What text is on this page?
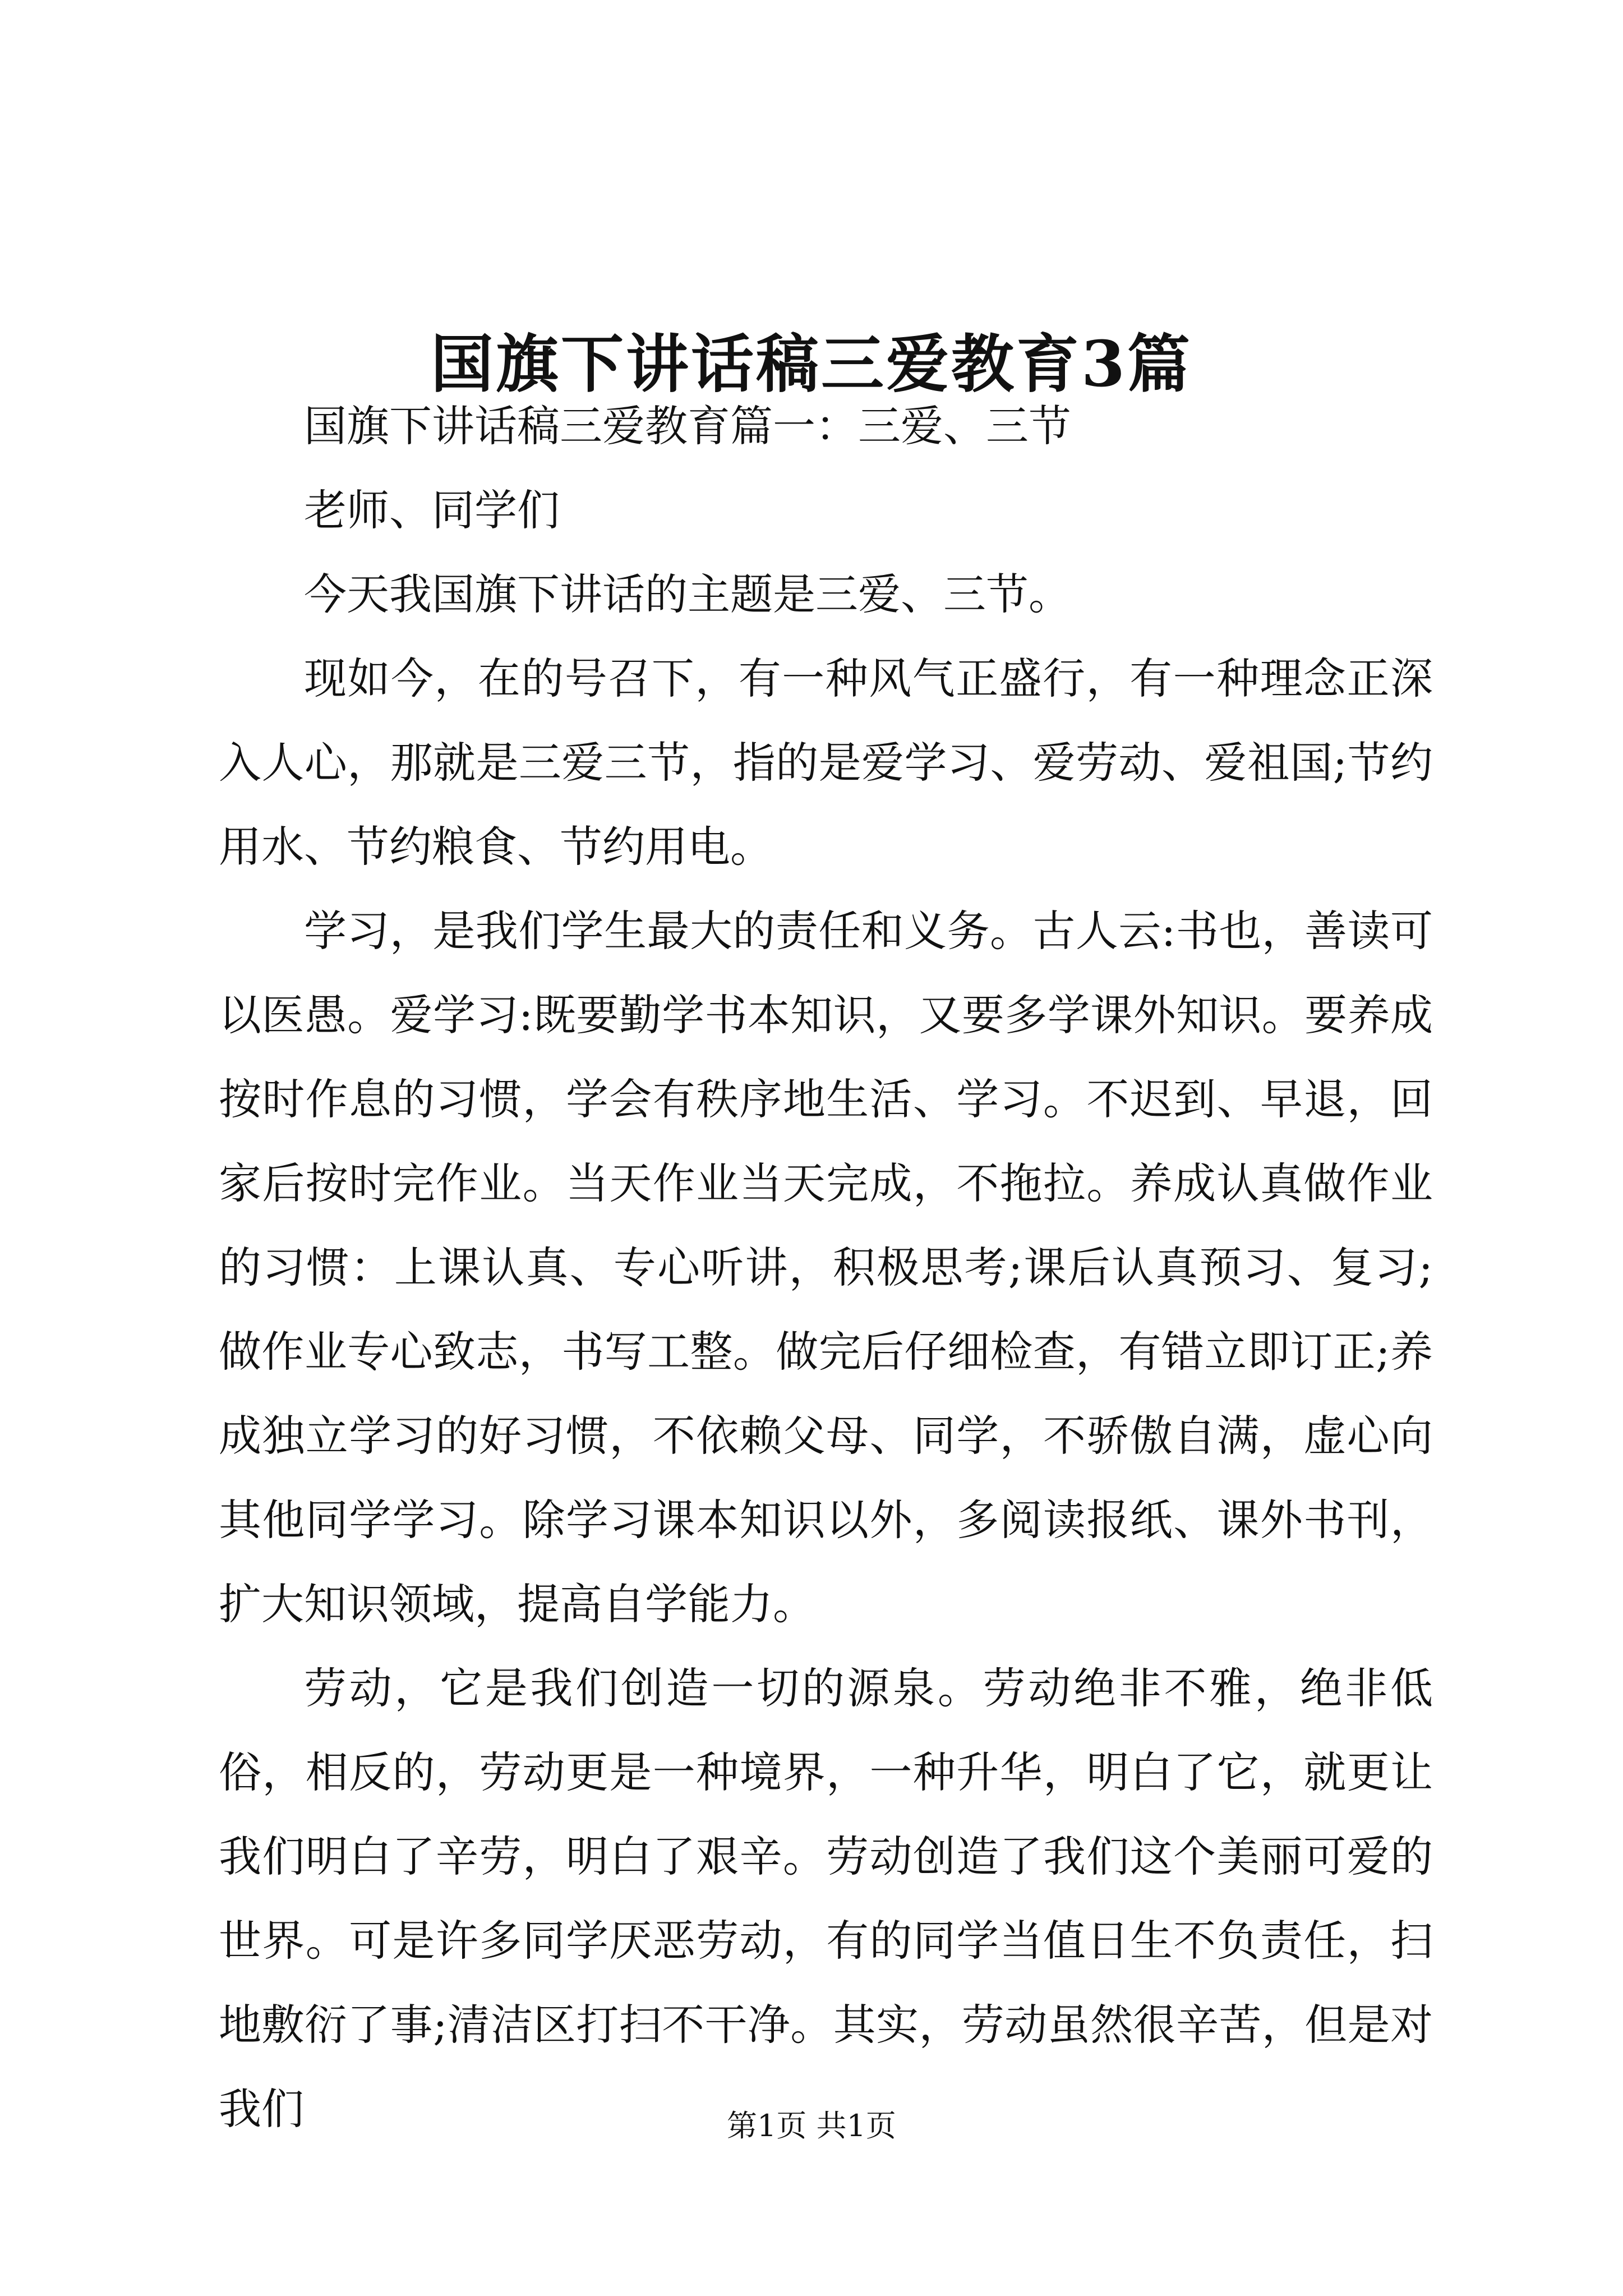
国旗下讲话稿三爱教育3篇

国旗下讲话稿三爱教育篇一：三爱、三节

老师、同学们

今天我国旗下讲话的主题是三爱、三节。

现如今，在的号召下，有一种风气正盛行，有一种理念正深入人心，那就是三爱三节，指的是爱学习、爱劳动、爱祖国;节约用水、节约粮食、节约用电。

学习，是我们学生最大的责任和义务。古人云:书也，善读可以医愚。爱学习:既要勤学书本知识，又要多学课外知识。要养成按时作息的习惯，学会有秩序地生活、学习。不迟到、早退，回家后按时完作业。当天作业当天完成，不拖拉。养成认真做作业的习惯：上课认真、专心听讲，积极思考;课后认真预习、复习;做作业专心致志，书写工整。做完后仔细检查，有错立即订正;养成独立学习的好习惯，不依赖父母、同学，不骄傲自满，虚心向其他同学学习。除学习课本知识以外，多阅读报纸、课外书刊，扩大知识领域，提高自学能力。

劳动，它是我们创造一切的源泉。劳动绝非不雅，绝非低俗，相反的，劳动更是一种境界，一种升华，明白了它，就更让我们明白了辛劳，明白了艰辛。劳动创造了我们这个美丽可爱的世界。可是许多同学厌恶劳动，有的同学当值日生不负责任，扫地敷衍了事;清洁区打扫不干净。其实，劳动虽然很辛苦，但是对我们	第1页 共1页
